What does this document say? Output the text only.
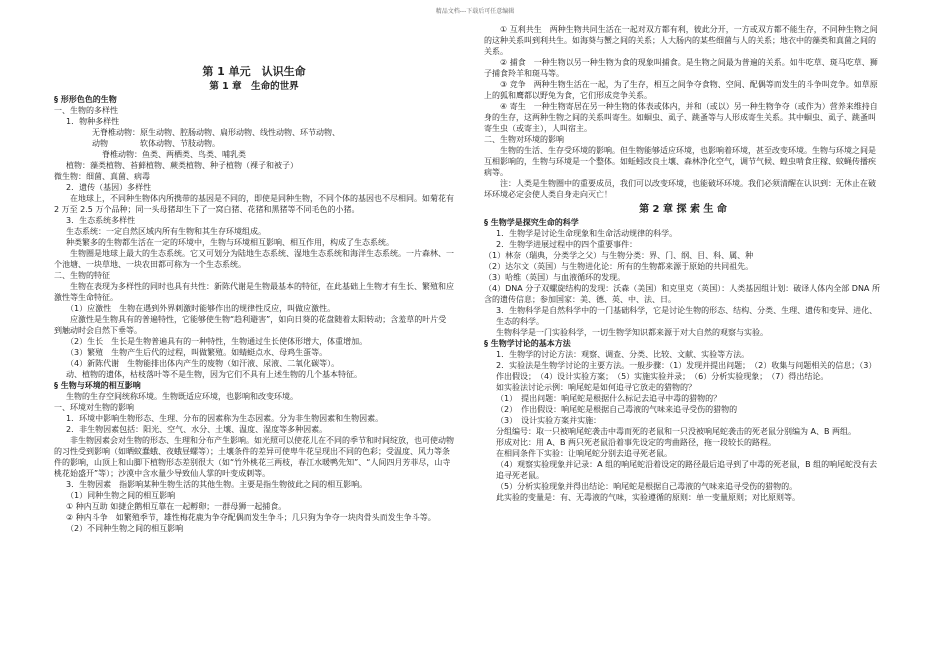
精品文档---下载后可任意编辑

第 1 单元　认识生命

第 1 章　生命的世界

§ 形形色色的生物

一、生物的多样性

1．物种多样性

无脊椎动物：原生动物、腔肠动物、扁形动物、线性动物、环节动物、

动物　　　　软体动物、节肢动物。

脊椎动物：鱼类、两栖类、鸟类、哺乳类

植物：藻类植物、苔藓植物、蕨类植物、种子植物（裸子和被子）

微生物：细菌、真菌、病毒

2．遗传（基因）多样性

在地球上，不同种生物体内所携带的基因是不同的，即使是同种生物，不同个体的基因也不尽相同。如菊花有 2 万至 2.5 万个品种；同一头母猪却生下了一窝白猪、花猪和黑猪等不同毛色的小猪。

3．生态系统多样性

生态系统：一定自然区域内所有生物和其生存环境组成。

种类繁多的生物都生活在一定的环境中，生物与环境相互影响、相互作用，构成了生态系统。

生物圈是地球上最大的生态系统。它又可划分为陆地生态系统、湿地生态系统和海洋生态系统。一片森林、一个池塘、一块草地、一块农田都可称为一个生态系统。

二、生物的特征

生物在表现为多样性的同时也具有共性：新陈代谢是生物最基本的特征，在此基础上生物才有生长、繁殖和应激性等生命特征。

（1）应激性　生物在遇到外界刺激时能够作出的规律性反应，叫做应激性。

应激性是生物具有的普遍特性，它能够使生物“趋利避害”，如向日葵的花盘随着太阳转动；含羞草的叶片受到触动时会自然下垂等。

（2）生长　生长是生物普遍具有的一种特性，生物通过生长使体形增大，体重增加。

（3）繁殖　生物产生后代的过程，叫做繁殖。如蜻蜓点水、母鸡生蛋等。

（4）新陈代谢　生物能排出体内产生的废物（如汗液、尿液、二氧化碳等）。

动、植物的遗体，枯枝落叶等不是生物，因为它们不具有上述生物的几个基本特征。

§ 生物与环境的相互影响

生物的生存空间统称环境。生物既适应环境，也影响和改变环境。

一、环境对生物的影响

1．环境中影响生物形态、生理、分布的因素称为生态因素。分为非生物因素和生物因素。

2．非生物因素包括：阳光、空气、水分、土壤、温度、湿度等多种因素。

非生物因素会对生物的形态、生理和分布产生影响。如光照可以使花儿在不同的季节和时间绽放，也可使动物的习性受到影响（如晒蚊蠢蛾、夜蛾昼螺等）；土壤条件的差异可使卑牛花呈现出不同的色彩；受温度、风力等条件的影响，山顶上和山脚下植物形态差别很大（如“竹外桃花三两枝，春江水暖鸭先知”、“人间四月芳菲尽，山寺桃花始盛开”等）；沙漠中含水量少导致仙人掌的叶变成刺等。

3．生物因素　指影响某种生物生活的其他生物。主要是指生物彼此之间的相互影响。

（1）同种生物之间的相互影响

① 种内互助 如捷企鹅相互靠在一起孵卵；一群母狮一起捕食。

② 种内斗争　如繁殖季节，雄性梅花鹿为争夺配偶而发生争斗；几只狗为争夺一块肉骨头而发生争斗等。

（2）不同种生物之间的相互影响

① 互利共生　两种生物共同生活在一起对双方都有利，彼此分开，一方或双方都不能生存，不同种生物之间的这种关系叫到利共生。如海葵与蟹之间的关系；人大肠内的某些细菌与人的关系；地衣中的藻类和真菌之间的关系。

② 捕食　一种生物以另一种生物为食的现象叫捕食。是生物之间最为普遍的关系。如牛吃草、斑马吃草、狮子捕食羚羊和斑马等。

③ 竞争　两种生物生活在一起，为了生存，相互之间争夺食物、空间、配偶等而发生的斗争叫竞争。如草原上的狐和鹰都以野兔为食，它们形成竞争关系。

④ 寄生　一种生物寄居在另一种生物的体表或体内，并和（或以）另一种生物争夺（或作为）营养来维持自身的生存，这两种生物之间的关系叫寄生。如蛔虫、虱子、跳蚤等与人形成寄生关系。其中蛔虫、虱子、跳蚤叫寄生虫（或寄主），人叫宿主。

二、生物对环境的影响

生物的生活、生存受环境的影响。但生物能够适应环境，也影响着环境，甚至改变环境。生物与环境之间是互相影响的，生物与环境是一个整体。如蚯蚓改良土壤、森林净化空气，调节气候、蝗虫啃食庄稼、蚊蝇传播疾病等。

注：人类是生物圈中的重要成员，我们可以改变环境，也能破坏环境。我们必须清醒在认识到：无休止在破坏环境必定会使人类自身走向灭亡！

第 2 章 探 索 生 命

§ 生物学是探究生命的科学

1．生物学是讨论生命现象和生命活动规律的科学。

2．生物学进展过程中的四个重要事件：

（1）林奈（瑞典，分类学之父）与生物分类：界、门、纲、目、科、属、种

（2）达尔文（英国）与生物进化论：所有的生物都来源于原始的共同祖先。

（3）哈维（英国）与血液循环的发现。

（4）DNA 分子双螺旋结构的发现：沃森（美国）和克里克（英国）：人类基因组计划：破译人体内全部 DNA 所含的遗传信息；参加国家：美、德、英、中、法、日。

3．生物科学是自然科学中的一门基础科学，它是讨论生物的形态、结构、分类、生理、遗传和变异、进化、生态的科学。

生物科学是一门实验科学，一切生物学知识都来源于对大自然的观察与实验。

§ 生物学讨论的基本方法

1．生物学的讨论方法：观察、调查、分类、比较、文献、实验等方法。

2．实验法是生物学讨论的主要方法。一般步骤：（1）发现并提出问题；　（2）收集与问题相关的信息；（3）作出假设；　（4）设计实验方案；　（5）实施实验并录；　（6）分析实验现象；　（7）得出结论。

如实验法讨论示例：响尾蛇是如何追寻它放走的猎物的？

（1）　提出问题：响尾蛇是根据什么标记去追寻中毒的猎物的？

（2）　作出假设：响尾蛇是根据自己毒液的气味来追寻受伤的猎物的

（3）　设计实验方案并实施：

分组编号：取一只被响尾蛇袭击中毒而死的老鼠和一只没被响尾蛇袭击的死老鼠分别编为 A、B 两组。

形成对比：用 A、B 两只死老鼠沿着事先设定的弯曲路径，拖一段较长的路程。

在相同条件下实验：让响尾蛇分别去追寻死老鼠。

（4）观察实验现象并记录：A 组的响尾蛇沿着设定的路径最后追寻到了中毒的死老鼠，B 组的响尾蛇没有去追寻死老鼠。

（5）分析实验现象并得出结论：响尾蛇是根据自己毒液的气味来追寻受伤的猎物的。

此实验的变量是：有、无毒液的气味，实验遵循的原则：单一变量原则；对比原则等。
